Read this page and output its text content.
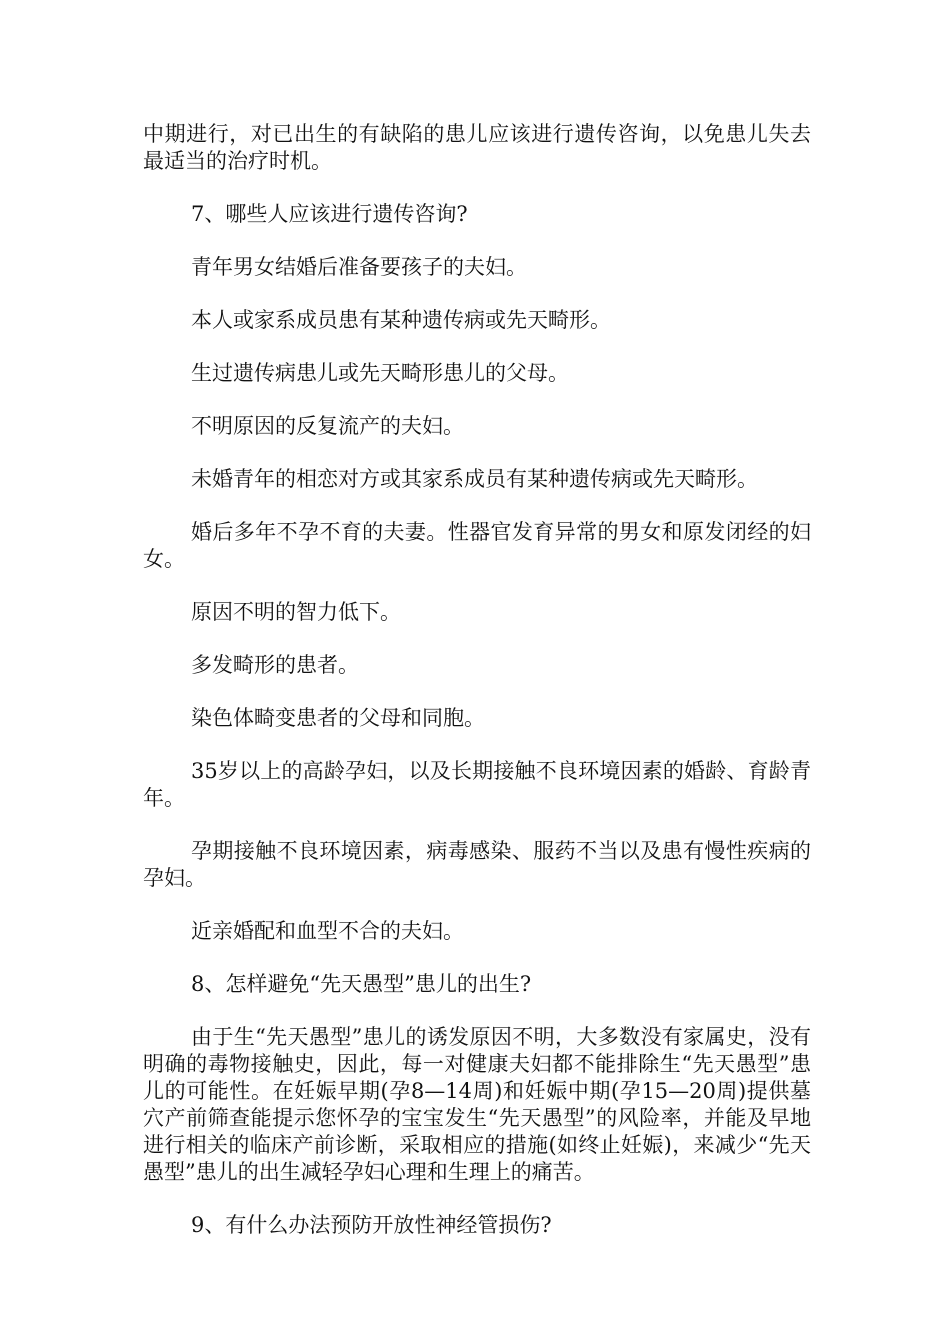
中期进行，对已出生的有缺陷的患儿应该进行遗传咨询，以免患儿失去最适当的治疗时机。

7、哪些人应该进行遗传咨询?

青年男女结婚后准备要孩子的夫妇。

本人或家系成员患有某种遗传病或先天畸形。

生过遗传病患儿或先天畸形患儿的父母。

不明原因的反复流产的夫妇。

未婚青年的相恋对方或其家系成员有某种遗传病或先天畸形。

婚后多年不孕不育的夫妻。性器官发育异常的男女和原发闭经的妇女。

原因不明的智力低下。

多发畸形的患者。

染色体畸变患者的父母和同胞。

35岁以上的高龄孕妇，以及长期接触不良环境因素的婚龄、育龄青年。

孕期接触不良环境因素，病毒感染、服药不当以及患有慢性疾病的孕妇。

近亲婚配和血型不合的夫妇。

8、怎样避免“先天愚型”患儿的出生?

由于生“先天愚型”患儿的诱发原因不明，大多数没有家属史，没有明确的毒物接触史，因此，每一对健康夫妇都不能排除生“先天愚型”患儿的可能性。在妊娠早期(孕8—14周)和妊娠中期(孕15—20周)提供墓穴产前筛查能提示您怀孕的宝宝发生“先天愚型”的风险率，并能及早地进行相关的临床产前诊断，采取相应的措施(如终止妊娠)，来减少“先天愚型”患儿的出生减轻孕妇心理和生理上的痛苦。

9、有什么办法预防开放性神经管损伤?
